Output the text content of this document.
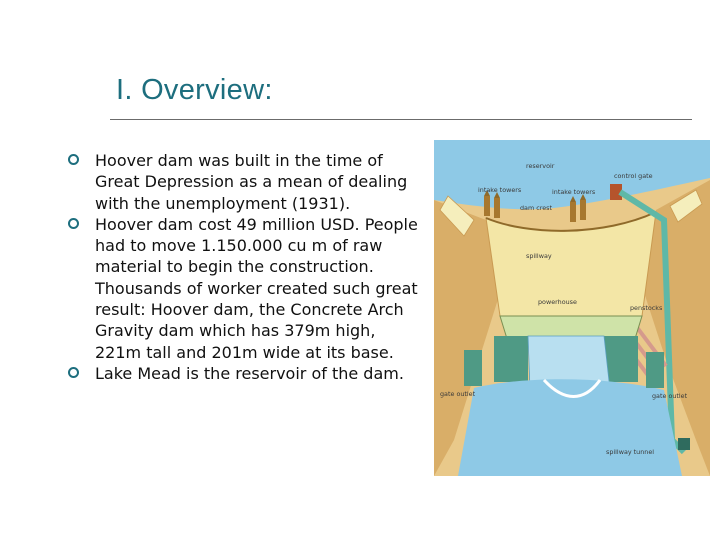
I. Overview:
Hoover dam was built in the time of Great Depression as a mean of dealing with the unemployment (1931).
Hoover dam cost 49 million USD. People had to move 1.150.000 cu m of raw material to begin the construction. Thousands of worker created such great result: Hoover dam, the Concrete Arch Gravity dam which has 379m high, 221m tall and 201m wide at its base.
Lake Mead is the reservoir of the dam.
reservoir
control gate
intake towers	intake towers
dam crest
spillway
powerhouse
penstocks
gate outlet	gate outlet
spillway tunnel
